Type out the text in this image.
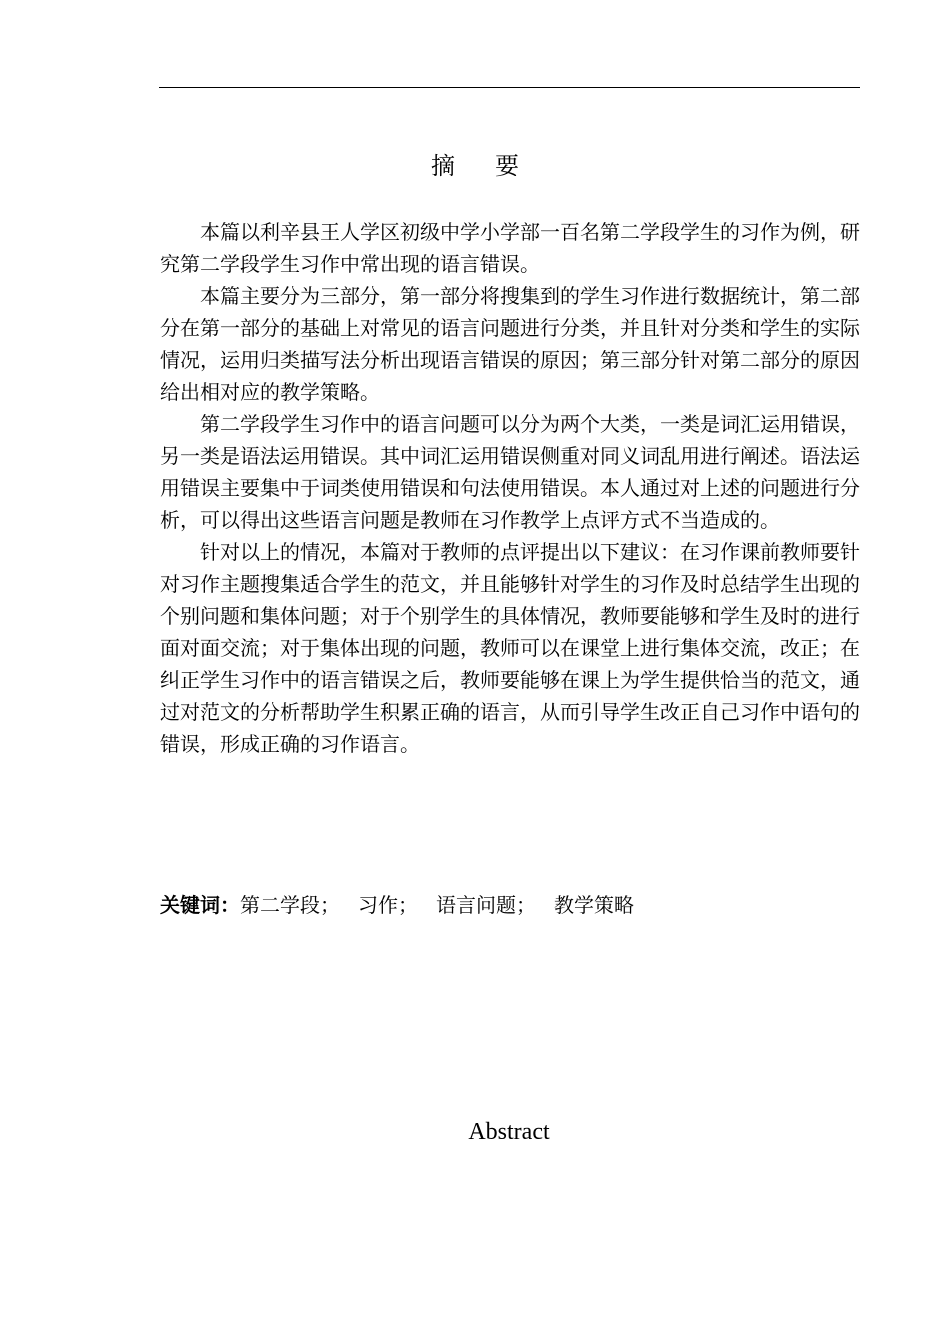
摘 要

本篇以利辛县王人学区初级中学小学部一百名第二学段学生的习作为例，研究第二学段学生习作中常出现的语言错误。

本篇主要分为三部分，第一部分将搜集到的学生习作进行数据统计，第二部分在第一部分的基础上对常见的语言问题进行分类，并且针对分类和学生的实际情况，运用归类描写法分析出现语言错误的原因；第三部分针对第二部分的原因给出相对应的教学策略。

第二学段学生习作中的语言问题可以分为两个大类，一类是词汇运用错误，另一类是语法运用错误。其中词汇运用错误侧重对同义词乱用进行阐述。语法运用错误主要集中于词类使用错误和句法使用错误。本人通过对上述的问题进行分析，可以得出这些语言问题是教师在习作教学上点评方式不当造成的。

针对以上的情况，本篇对于教师的点评提出以下建议：在习作课前教师要针对习作主题搜集适合学生的范文，并且能够针对学生的习作及时总结学生出现的个别问题和集体问题；对于个别学生的具体情况，教师要能够和学生及时的进行面对面交流；对于集体出现的问题，教师可以在课堂上进行集体交流，改正；在纠正学生习作中的语言错误之后，教师要能够在课上为学生提供恰当的范文，通过对范文的分析帮助学生积累正确的语言，从而引导学生改正自己习作中语句的错误，形成正确的习作语言。

关键词：第二学段； 习作； 语言问题； 教学策略
Abstract
